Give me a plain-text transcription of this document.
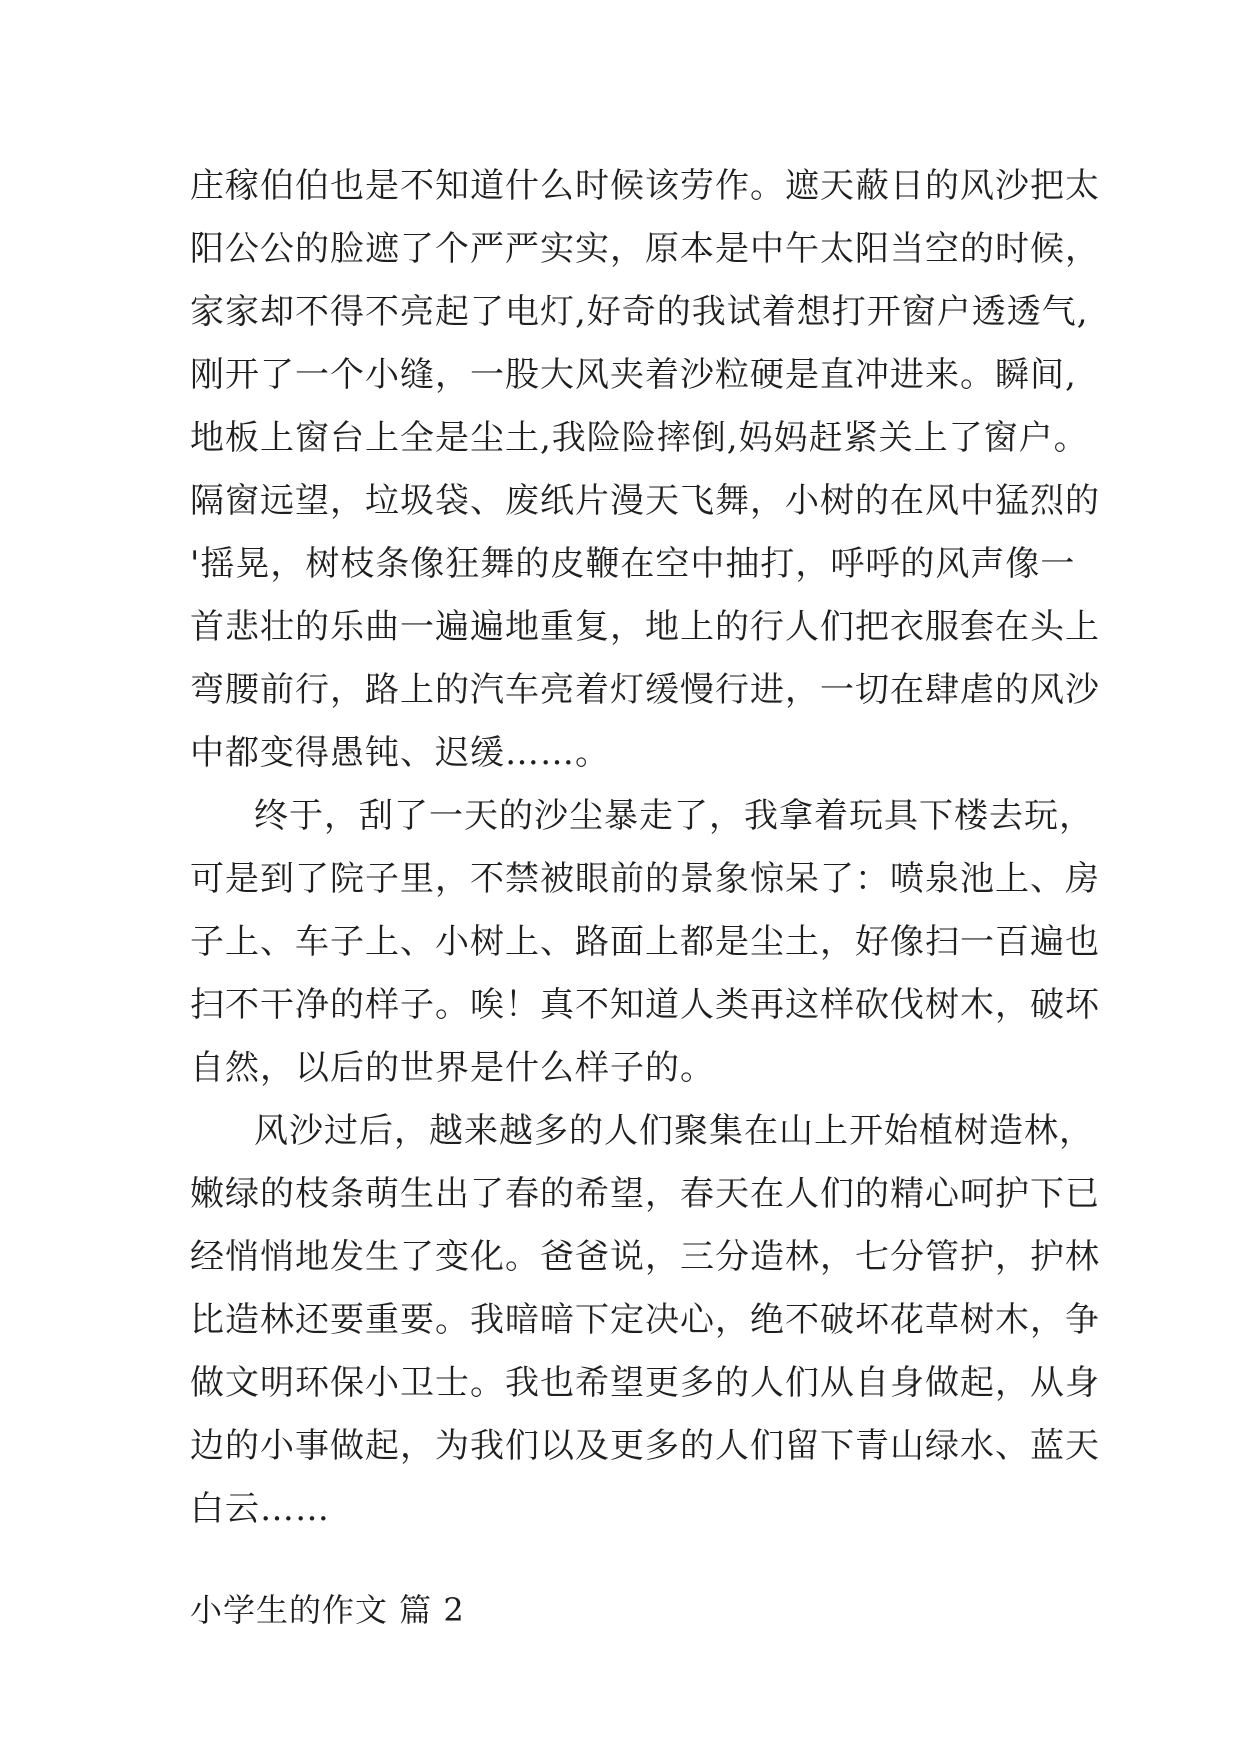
庄稼伯伯也是不知道什么时候该劳作。遮天蔽日的风沙把太
阳公公的脸遮了个严严实实，原本是中午太阳当空的时候，
家家却不得不亮起了电灯,好奇的我试着想打开窗户透透气,
刚开了一个小缝，一股大风夹着沙粒硬是直冲进来。瞬间,
地板上窗台上全是尘土,我险险摔倒,妈妈赶紧关上了窗户。
隔窗远望，垃圾袋、废纸片漫天飞舞，小树的在风中猛烈的
'摇晃，树枝条像狂舞的皮鞭在空中抽打，呼呼的风声像一
首悲壮的乐曲一遍遍地重复，地上的行人们把衣服套在头上
弯腰前行，路上的汽车亮着灯缓慢行进，一切在肆虐的风沙
中都变得愚钝、迟缓……。
终于，刮了一天的沙尘暴走了，我拿着玩具下楼去玩，
可是到了院子里，不禁被眼前的景象惊呆了：喷泉池上、房
子上、车子上、小树上、路面上都是尘土，好像扫一百遍也
扫不干净的样子。唉！真不知道人类再这样砍伐树木，破坏
自然，以后的世界是什么样子的。
风沙过后，越来越多的人们聚集在山上开始植树造林，
嫩绿的枝条萌生出了春的希望，春天在人们的精心呵护下已
经悄悄地发生了变化。爸爸说，三分造林，七分管护，护林
比造林还要重要。我暗暗下定决心，绝不破坏花草树木，争
做文明环保小卫士。我也希望更多的人们从自身做起，从身
边的小事做起，为我们以及更多的人们留下青山绿水、蓝天
白云……
小学生的作文 篇 2
